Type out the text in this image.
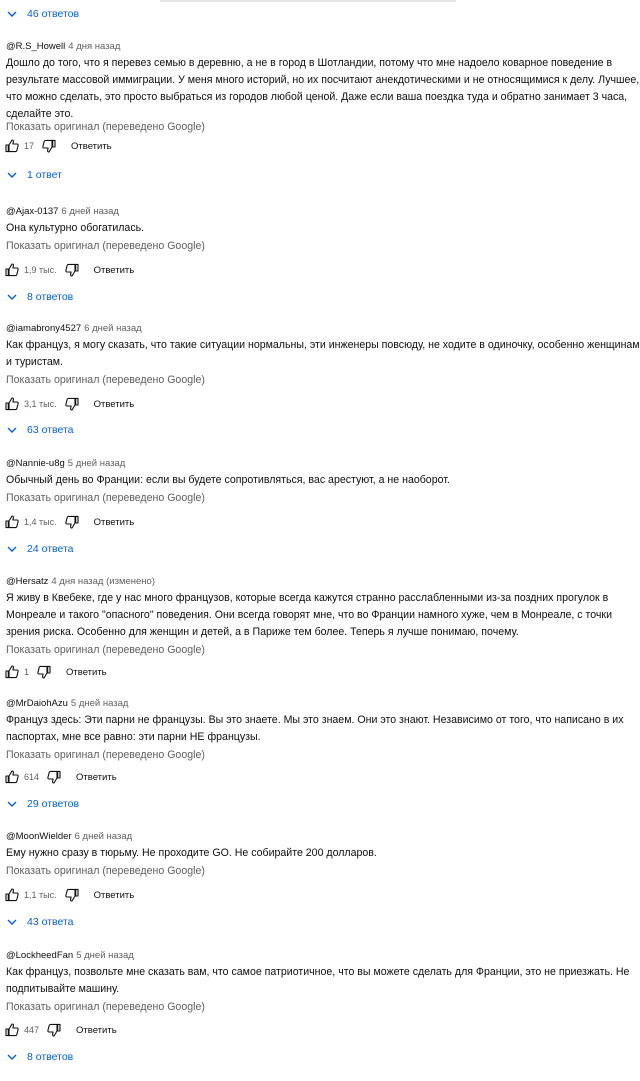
46 ответов
@R.S_Howell 4 дня назад
Дошло до того, что я перевез семью в деревню, а не в город в Шотландии, потому что мне надоело коварное поведение в результате массовой иммиграции. У меня много историй, но их посчитают анекдотическими и не относящимися к делу. Лучшее, что можно сделать, это просто выбраться из городов любой ценой. Даже если ваша поездка туда и обратно занимает 3 часа, сделайте это.
Показать оригинал (переведено Google)
17	Ответить
1 ответ
@Ajax-0137 6 дней назад
Она культурно обогатилась.
Показать оригинал (переведено Google)
1,9 тыс.	Ответить
8 ответов
@iamabrony4527 6 дней назад
Как француз, я могу сказать, что такие ситуации нормальны, эти инженеры повсюду, не ходите в одиночку, особенно женщинам и туристам.
Показать оригинал (переведено Google)
3,1 тыс.	Ответить
63 ответа
@Nannie-u8g 5 дней назад
Обычный день во Франции: если вы будете сопротивляться, вас арестуют, а не наоборот.
Показать оригинал (переведено Google)
1,4 тыс.	Ответить
24 ответа
@Hersatz 4 дня назад (изменено)
Я живу в Квебеке, где у нас много французов, которые всегда кажутся странно расслабленными из-за поздних прогулок в Монреале и такого "опасного" поведения. Они всегда говорят мне, что во Франции намного хуже, чем в Монреале, с точки зрения риска. Особенно для женщин и детей, а в Париже тем более. Теперь я лучше понимаю, почему.
Показать оригинал (переведено Google)
1	Ответить
@MrDaiohAzu 5 дней назад
Француз здесь: Эти парни не французы. Вы это знаете. Мы это знаем. Они это знают. Независимо от того, что написано в их паспортах, мне все равно: эти парни НЕ французы.
Показать оригинал (переведено Google)
614	Ответить
29 ответов
@MoonWielder 6 дней назад
Ему нужно сразу в тюрьму. Не проходите GO. Не собирайте 200 долларов.
Показать оригинал (переведено Google)
1,1 тыс.	Ответить
43 ответа
@LockheedFan 5 дней назад
Как француз, позвольте мне сказать вам, что самое патриотичное, что вы можете сделать для Франции, это не приезжать. Не подпитывайте машину.
Показать оригинал (переведено Google)
447	Ответить
8 ответов
